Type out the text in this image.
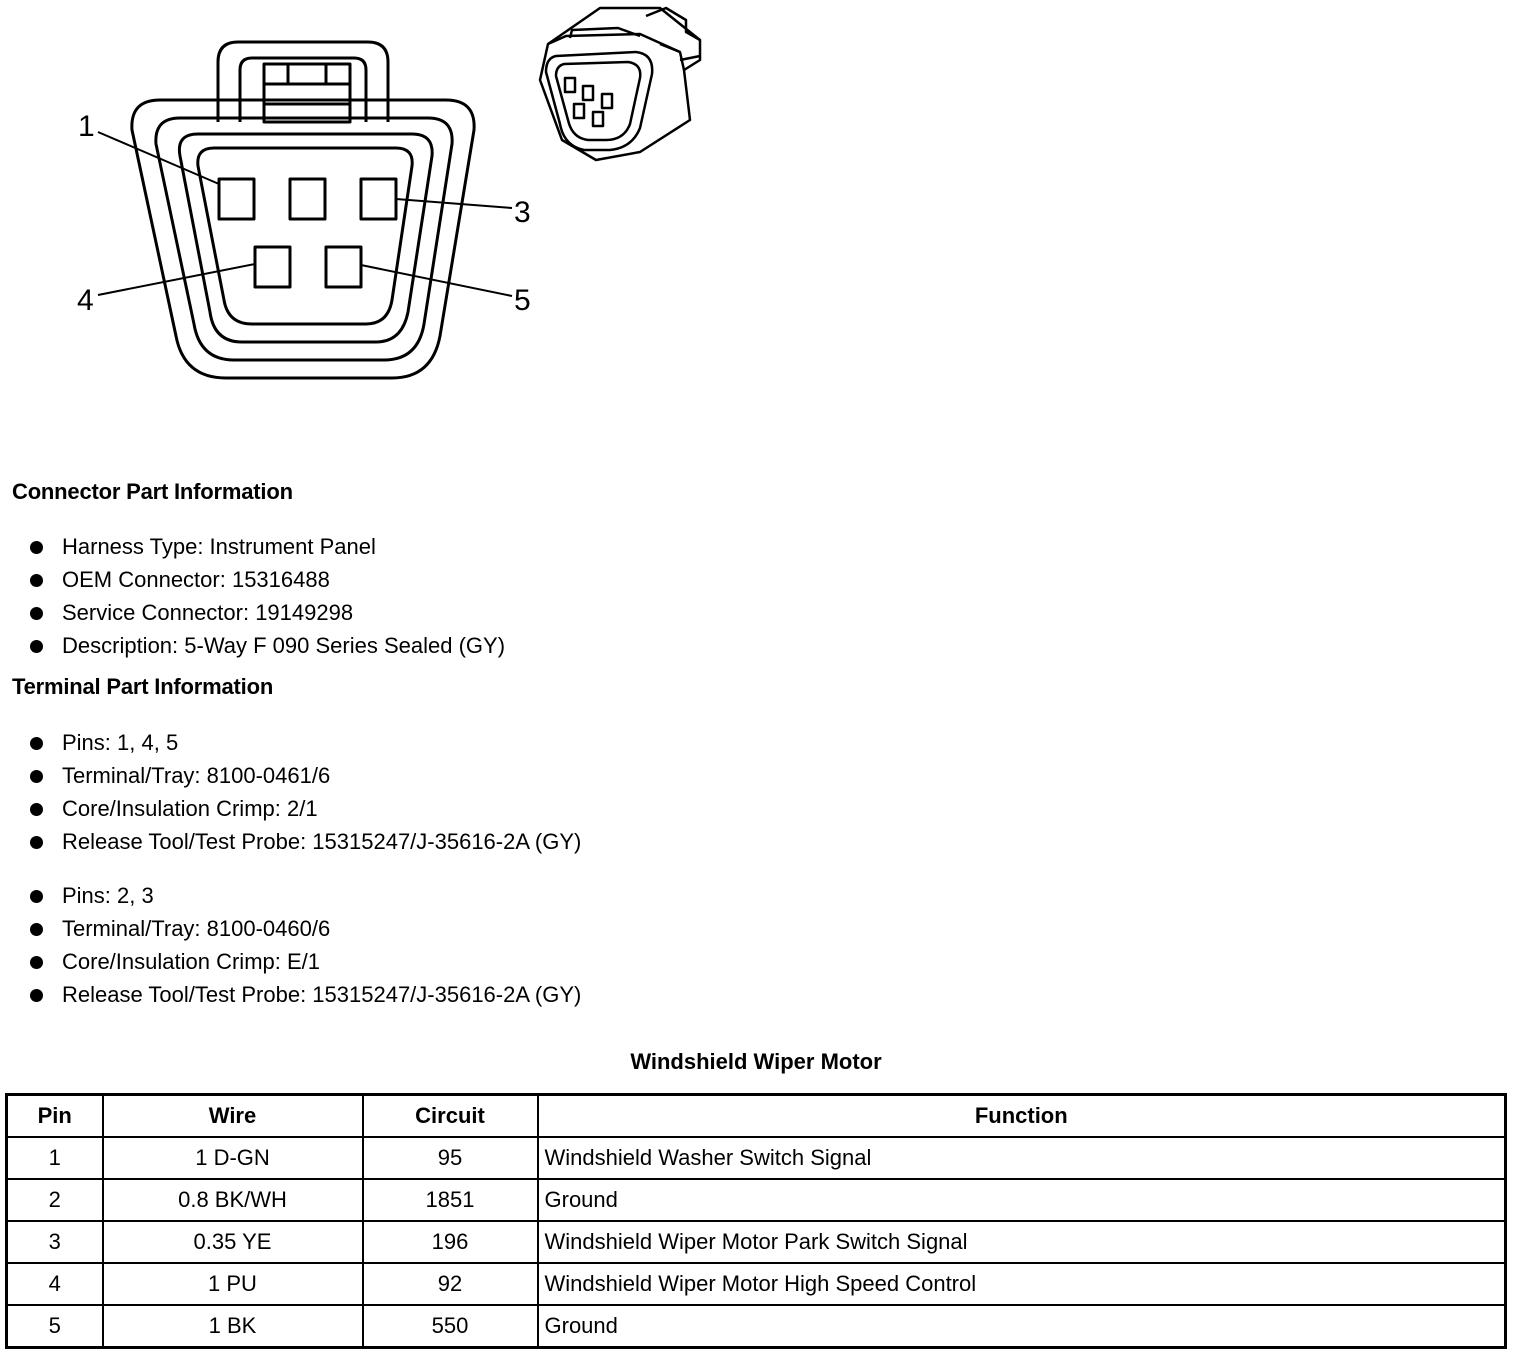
1
3
4	5
Connector Part Information
Harness Type: Instrument Panel
OEM Connector: 15316488
Service Connector: 19149298
Description: 5-Way F 090 Series Sealed (GY)
Terminal Part Information
Pins: 1, 4, 5
Terminal/Tray: 8100-0461/6
Core/Insulation Crimp: 2/1
Release Tool/Test Probe: 15315247/J-35616-2A (GY)
Pins: 2, 3
Terminal/Tray: 8100-0460/6
Core/Insulation Crimp: E/1
Release Tool/Test Probe: 15315247/J-35616-2A (GY)
Windshield Wiper Motor
Pin	Wire	Circuit	Function
1	1 D-GN	95	Windshield Washer Switch Signal
2	0.8 BK/WH	1851	Ground
3	0.35 YE	196	Windshield Wiper Motor Park Switch Signal
4	1 PU	92	Windshield Wiper Motor High Speed Control
5	1 BK	550	Ground
